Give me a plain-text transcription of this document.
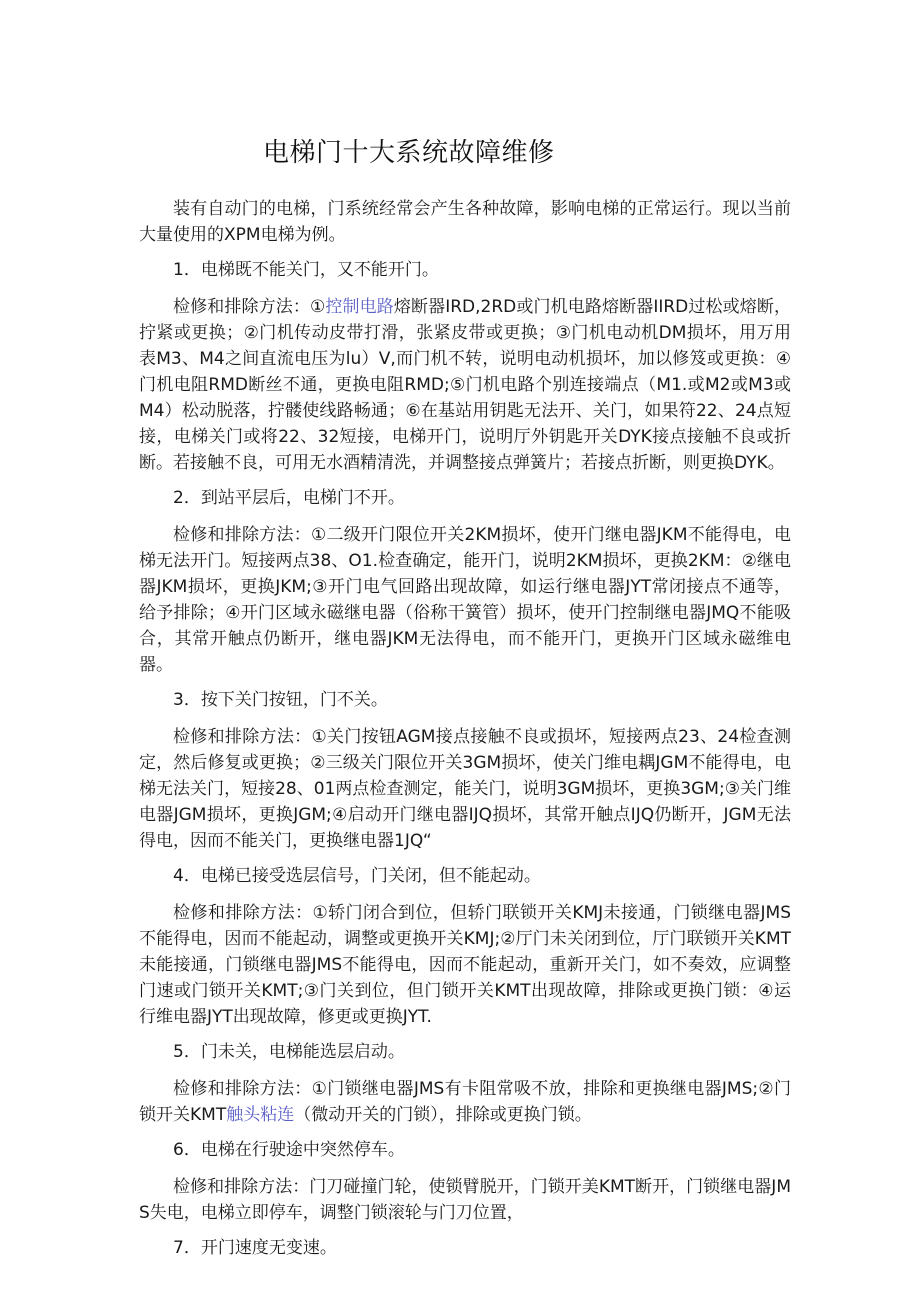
电梯门十大系统故障维修

装有自动门的电梯，门系统经常会产生各种故障，影响电梯的正常运行。现以当前大量使用的XPM电梯为例。

1．电梯既不能关门，又不能开门。

检修和排除方法：①控制电路熔断器IRD,2RD或门机电路熔断器IIRD过松或熔断，拧紧或更换；②门机传动皮带打滑，张紧皮带或更换；③门机电动机DM损坏，用万用表M3、M4之间直流电压为lu）V,而门机不转，说明电动机损坏，加以修笈或更换：④门机电阻RMD断丝不通，更换电阻RMD;⑤门机电路个别连接端点（M1.或M2或M3或M4）松动脱落，拧髅使线路畅通；⑥在基站用钥匙无法开、关门，如果符22、24点短接，电梯关门或将22、32短接，电梯开门，说明厅外钥匙开关DYK接点接触不良或折断。若接触不良，可用无水酒精清洗，并调整接点弹簧片；若接点折断，则更换DYK。

2．到站平层后，电梯门不开。

检修和排除方法：①二级开门限位开关2KM损坏，使开门继电器JKM不能得电，电梯无法开门。短接两点38、O1.检查确定，能开门，说明2KM损坏，更换2KM：②继电器JKM损坏，更换JKM;③开门电气回路出现故障，如运行继电器JYT常闭接点不通等，给予排除；④开门区域永磁继电器（俗称干簧管）损坏，使开门控制继电器JMQ不能吸合，其常开触点仍断开，继电器JKM无法得电，而不能开门，更换开门区域永磁维电器。

3．按下关门按钮，门不关。

检修和排除方法：①关门按钮AGM接点接触不良或损坏，短接两点23、24检查测定，然后修复或更换；②三级关门限位开关3GM损坏，使关门维电耦JGM不能得电，电梯无法关门，短接28、01两点检查测定，能关门，说明3GM损坏，更换3GM;③关门维电器JGM损坏，更换JGM;④启动开门继电器IJQ损坏，其常开触点IJQ仍断开，JGM无法得电，因而不能关门，更换继电器1JQ“

4．电梯已接受选层信号，门关闭，但不能起动。

检修和排除方法：①轿门闭合到位，但轿门联锁开关KMJ未接通，门锁继电器JMS不能得电，因而不能起动，调整或更换开关KMJ;②厅门未关闭到位，厅门联锁开关KMT未能接通，门锁继电器JMS不能得电，因而不能起动，重新开关门，如不奏效，应调整门速或门锁开关KMT;③门关到位，但门锁开关KMT出现故障，排除或更换门锁：④运行维电器JYT出现故障，修更或更换JYT.

5．门未关，电梯能选层启动。

检修和排除方法：①门锁继电器JMS有卡阻常吸不放，排除和更换继电器JMS;②门锁开关KMT触头粘连（微动开关的门锁），排除或更换门锁。

6．电梯在行驶途中突然停车。

检修和排除方法：门刀碰撞门轮，使锁臂脱开，门锁开美KMT断开，门锁继电器JMS失电，电梯立即停车，调整门锁滚轮与门刀位置，

7．开门速度无变速。
